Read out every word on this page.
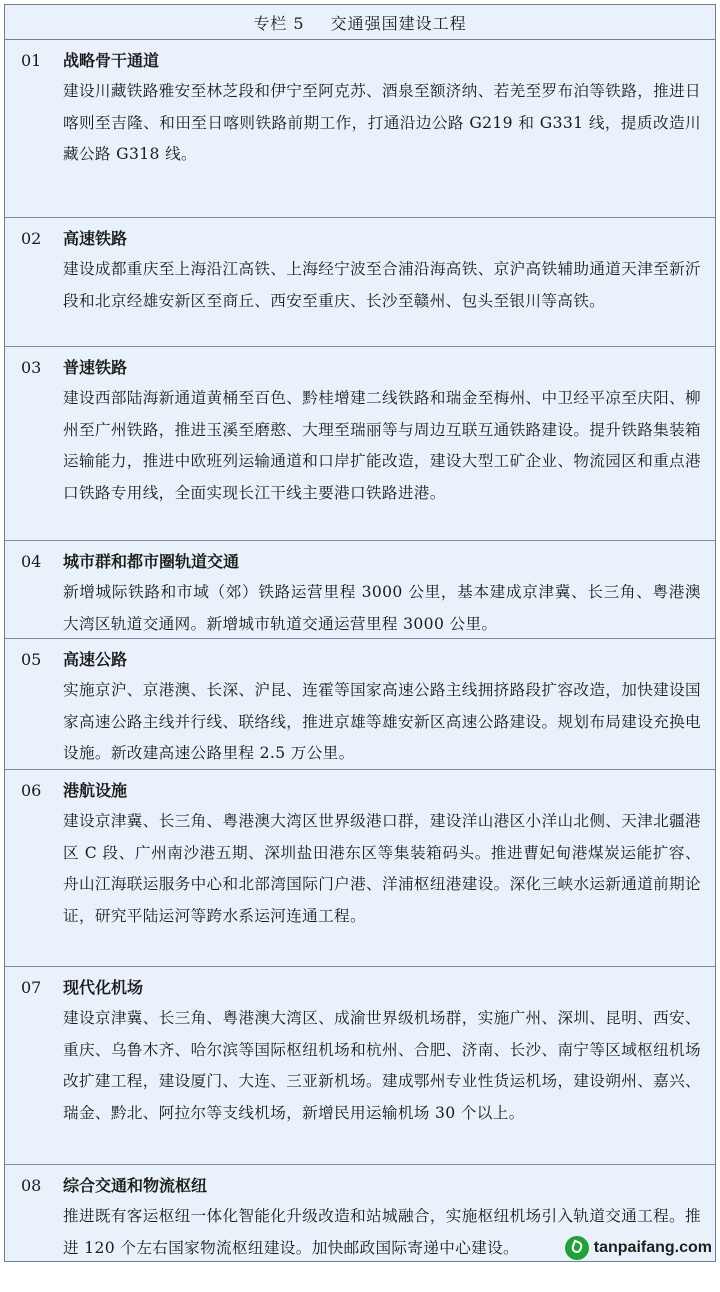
专栏 5 交通强国建设工程
01	战略骨干通道
建设川藏铁路雅安至林芝段和伊宁至阿克苏、酒泉至额济纳、若羌至罗布泊等铁路，推进日喀则至吉隆、和田至日喀则铁路前期工作，打通沿边公路 G219 和 G331 线，提质改造川藏公路 G318 线。
02	高速铁路
建设成都重庆至上海沿江高铁、上海经宁波至合浦沿海高铁、京沪高铁辅助通道天津至新沂段和北京经雄安新区至商丘、西安至重庆、长沙至赣州、包头至银川等高铁。
03	普速铁路
建设西部陆海新通道黄桶至百色、黔桂增建二线铁路和瑞金至梅州、中卫经平凉至庆阳、柳州至广州铁路，推进玉溪至磨憨、大理至瑞丽等与周边互联互通铁路建设。提升铁路集装箱运输能力，推进中欧班列运输通道和口岸扩能改造，建设大型工矿企业、物流园区和重点港口铁路专用线，全面实现长江干线主要港口铁路进港。
04	城市群和都市圈轨道交通
新增城际铁路和市域（郊）铁路运营里程 3000 公里，基本建成京津冀、长三角、粤港澳大湾区轨道交通网。新增城市轨道交通运营里程 3000 公里。
05	高速公路
实施京沪、京港澳、长深、沪昆、连霍等国家高速公路主线拥挤路段扩容改造，加快建设国家高速公路主线并行线、联络线，推进京雄等雄安新区高速公路建设。规划布局建设充换电设施。新改建高速公路里程 2.5 万公里。
06	港航设施
建设京津冀、长三角、粤港澳大湾区世界级港口群，建设洋山港区小洋山北侧、天津北疆港区 C 段、广州南沙港五期、深圳盐田港东区等集装箱码头。推进曹妃甸港煤炭运能扩容、舟山江海联运服务中心和北部湾国际门户港、洋浦枢纽港建设。深化三峡水运新通道前期论证，研究平陆运河等跨水系运河连通工程。
07	现代化机场
建设京津冀、长三角、粤港澳大湾区、成渝世界级机场群，实施广州、深圳、昆明、西安、重庆、乌鲁木齐、哈尔滨等国际枢纽机场和杭州、合肥、济南、长沙、南宁等区域枢纽机场改扩建工程，建设厦门、大连、三亚新机场。建成鄂州专业性货运机场，建设朔州、嘉兴、瑞金、黔北、阿拉尔等支线机场，新增民用运输机场 30 个以上。
08	综合交通和物流枢纽
推进既有客运枢纽一体化智能化升级改造和站城融合，实施枢纽机场引入轨道交通工程。推进 120 个左右国家物流枢纽建设。加快邮政国际寄递中心建设。	tanpaifang.com
